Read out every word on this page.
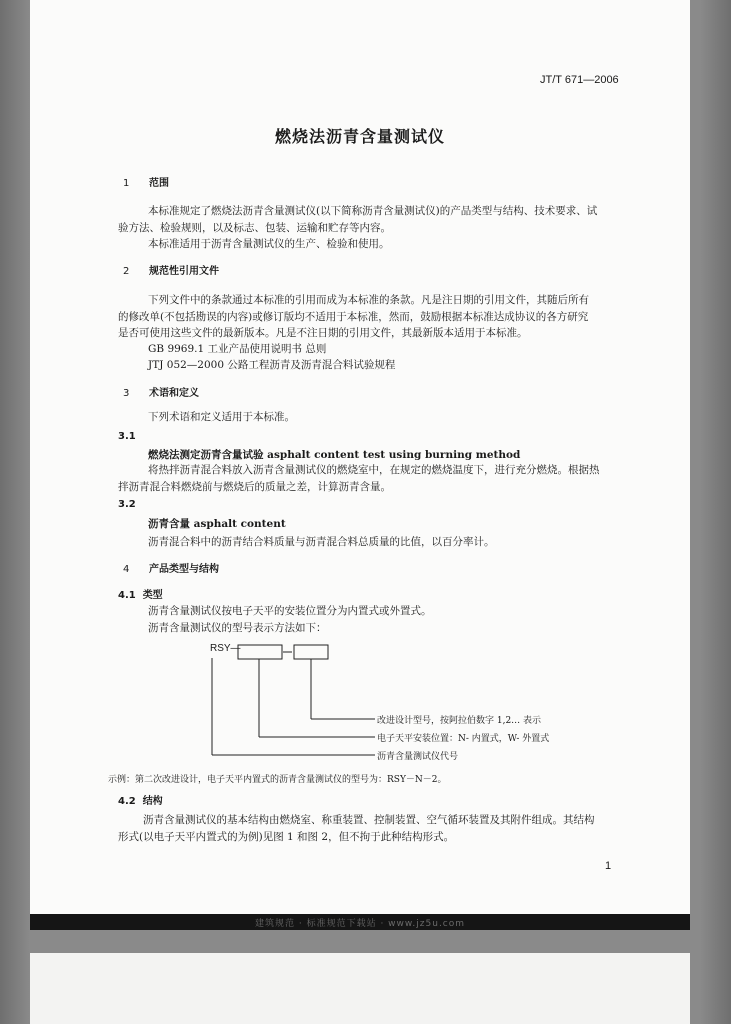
JT/T 671—2006
燃烧法沥青含量测试仪
1 范围
本标准规定了燃烧法沥青含量测试仪(以下简称沥青含量测试仪)的产品类型与结构、技术要求、试
验方法、检验规则，以及标志、包装、运输和贮存等内容。
本标准适用于沥青含量测试仪的生产、检验和使用。
2 规范性引用文件
下列文件中的条款通过本标准的引用而成为本标准的条款。凡是注日期的引用文件，其随后所有
的修改单(不包括勘误的内容)或修订版均不适用于本标准，然而，鼓励根据本标准达成协议的各方研究
是否可使用这些文件的最新版本。凡是不注日期的引用文件，其最新版本适用于本标准。
GB 9969.1 工业产品使用说明书 总则
JTJ 052—2000 公路工程沥青及沥青混合料试验规程
3 术语和定义
下列术语和定义适用于本标准。
3.1
燃烧法测定沥青含量试验 asphalt content test using burning method
将热拌沥青混合料放入沥青含量测试仪的燃烧室中，在规定的燃烧温度下，进行充分燃烧。根据热
拌沥青混合料燃烧前与燃烧后的质量之差，计算沥青含量。
3.2
沥青含量 asphalt content
沥青混合料中的沥青结合料质量与沥青混合料总质量的比值，以百分率计。
4 产品类型与结构
4.1 类型
沥青含量测试仪按电子天平的安装位置分为内置式或外置式。
沥青含量测试仪的型号表示方法如下：
RSY—
改进设计型号，按阿拉伯数字 1,2… 表示
电子天平安装位置：N- 内置式，W- 外置式
沥青含量测试仪代号
示例：第二次改进设计，电子天平内置式的沥青含量测试仪的型号为：RSY－N－2。
4.2 结构
沥青含量测试仪的基本结构由燃烧室、称重装置、控制装置、空气循环装置及其附件组成。其结构
形式(以电子天平内置式的为例)见图 1 和图 2，但不拘于此种结构形式。
1
建筑规范 · 标准规范下载站 · www.jz5u.com
